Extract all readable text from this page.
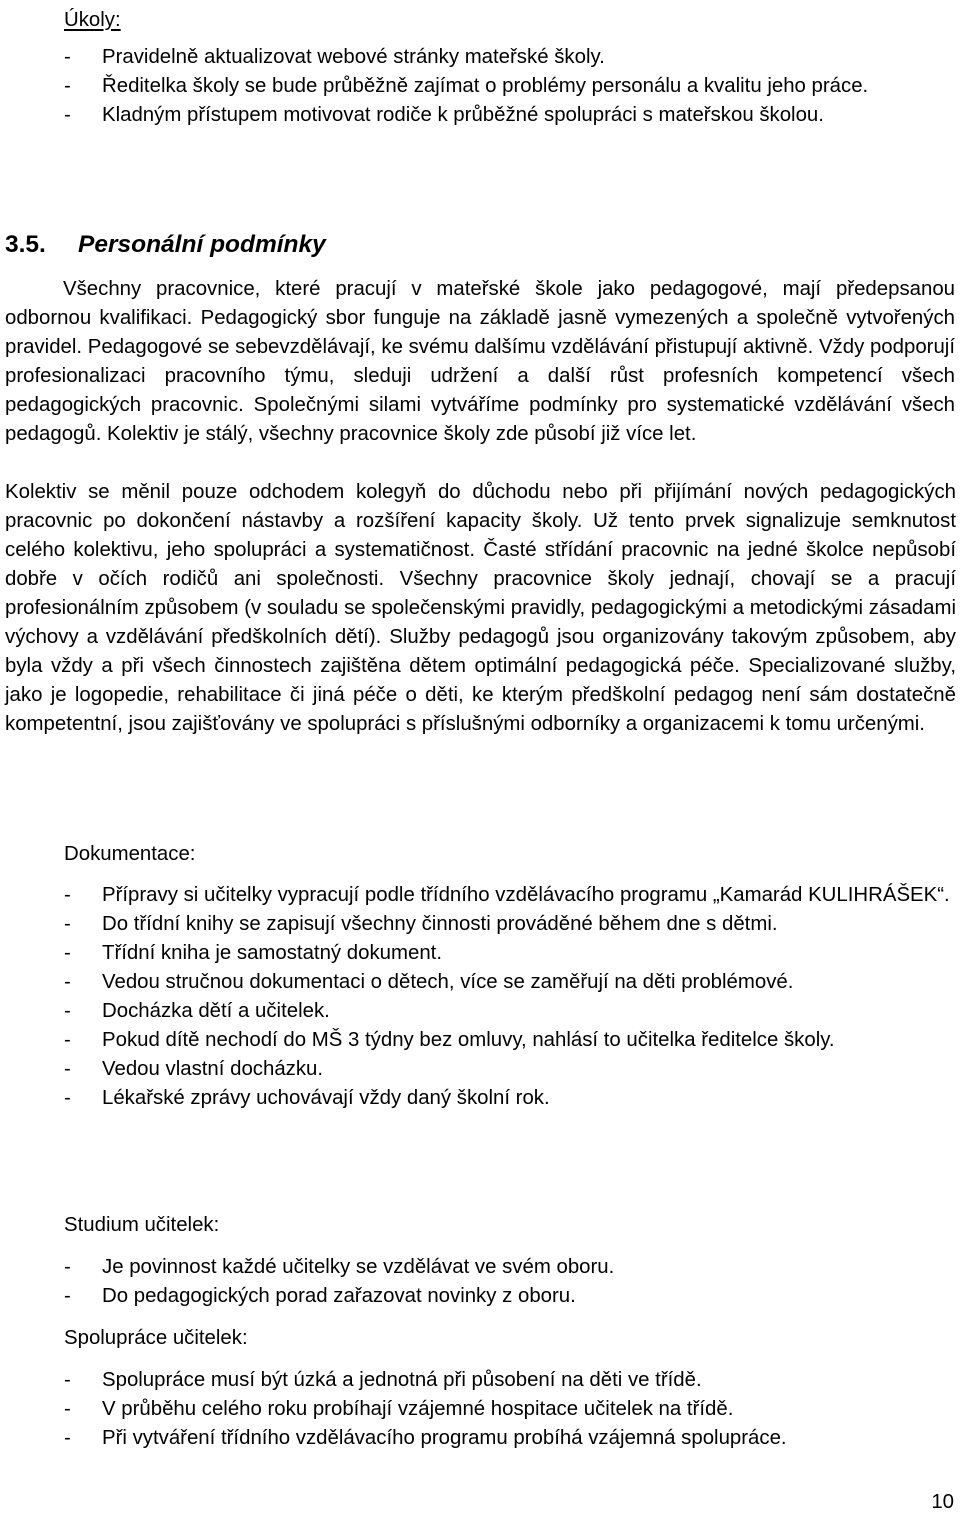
Úkoly:
- Pravidelně aktualizovat webové stránky mateřské školy.
- Ředitelka školy se bude průběžně zajímat o problémy personálu a kvalitu jeho práce.
- Kladným přístupem motivovat rodiče k průběžné spolupráci s mateřskou školou.
3.5. Personální podmínky

Všechny pracovnice, které pracují v mateřské škole jako pedagogové, mají předepsanou odbornou kvalifikaci. Pedagogický sbor funguje na základě jasně vymezených a společně vytvořených pravidel. Pedagogové se sebevzdělávají, ke svému dalšímu vzdělávání přistupují aktivně. Vždy podporují profesionalizaci pracovního týmu, sleduji udržení a další růst profesních kompetencí všech pedagogických pracovnic. Společnými silami vytváříme podmínky pro systematické vzdělávání všech pedagogů. Kolektiv je stálý, všechny pracovnice školy zde působí již více let.

Kolektiv se měnil pouze odchodem kolegyň do důchodu nebo při přijímání nových pedagogických pracovnic po dokončení nástavby a rozšíření kapacity školy. Už tento prvek signalizuje semknutost celého kolektivu, jeho spolupráci a systematičnost. Časté střídání pracovnic na jedné školce nepůsobí dobře v očích rodičů ani společnosti. Všechny pracovnice školy jednají, chovají se a pracují profesionálním způsobem (v souladu se společenskými pravidly, pedagogickými a metodickými zásadami výchovy a vzdělávání předškolních dětí). Služby pedagogů jsou organizovány takovým způsobem, aby byla vždy a při všech činnostech zajištěna dětem optimální pedagogická péče. Specializované služby, jako je logopedie, rehabilitace či jiná péče o děti, ke kterým předškolní pedagog není sám dostatečně kompetentní, jsou zajišťovány ve spolupráci s příslušnými odborníky a organizacemi k tomu určenými.

Dokumentace:
- Přípravy si učitelky vypracují podle třídního vzdělávacího programu „Kamarád KULIHRÁŠEK“.
- Do třídní knihy se zapisují všechny činnosti prováděné během dne s dětmi.
- Třídní kniha je samostatný dokument.
- Vedou stručnou dokumentaci o dětech, více se zaměřují na děti problémové.
- Docházka dětí a učitelek.
- Pokud dítě nechodí do MŠ 3 týdny bez omluvy, nahlásí to učitelka ředitelce školy.
- Vedou vlastní docházku.
- Lékařské zprávy uchovávají vždy daný školní rok.
Studium učitelek:
- Je povinnost každé učitelky se vzdělávat ve svém oboru.
- Do pedagogických porad zařazovat novinky z oboru.
Spolupráce učitelek:
- Spolupráce musí být úzká a jednotná při působení na děti ve třídě.
- V průběhu celého roku probíhají vzájemné hospitace učitelek na třídě.
- Při vytváření třídního vzdělávacího programu probíhá vzájemná spolupráce.
10
